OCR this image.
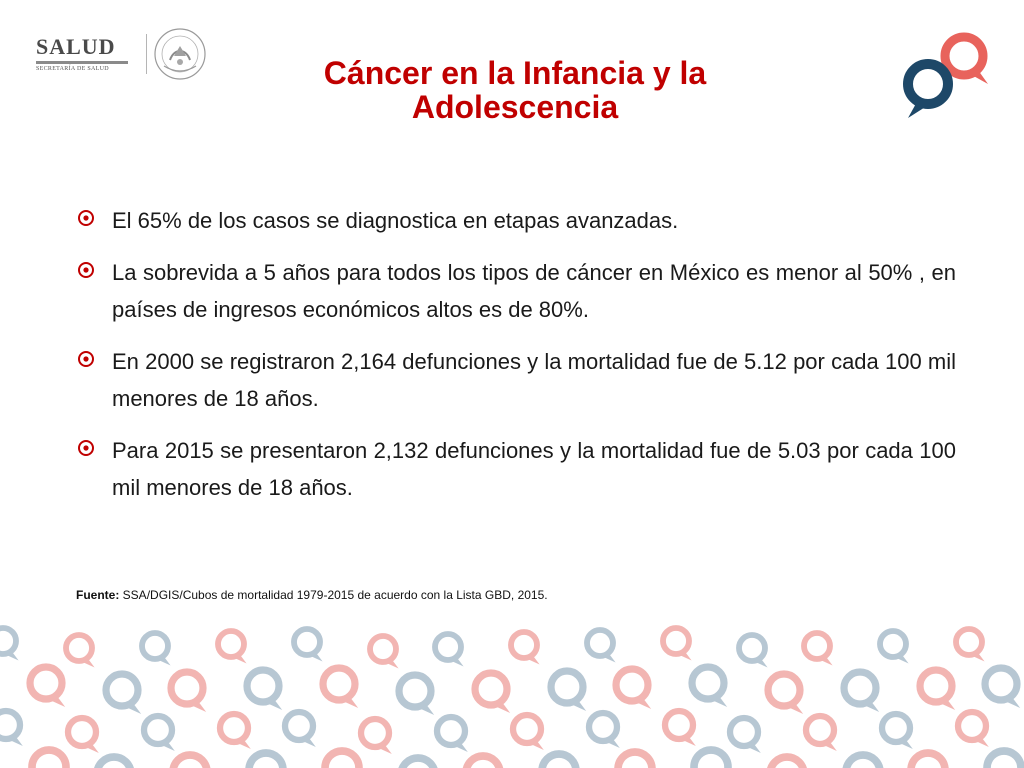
SALUD
SECRETARÍA DE SALUD	Cáncer en la Infancia y la Adolescencia
El 65% de los casos se diagnostica en etapas avanzadas.
La sobrevida a 5 años para todos los tipos de cáncer en México es menor al 50% , en países de ingresos económicos altos es de 80%.
En 2000 se registraron 2,164 defunciones y la mortalidad fue de 5.12 por cada 100 mil menores de 18 años.
Para 2015 se presentaron 2,132 defunciones y la mortalidad fue de 5.03 por cada 100 mil menores de 18 años.
Fuente: SSA/DGIS/Cubos de mortalidad 1979-2015 de acuerdo con la Lista GBD, 2015.
